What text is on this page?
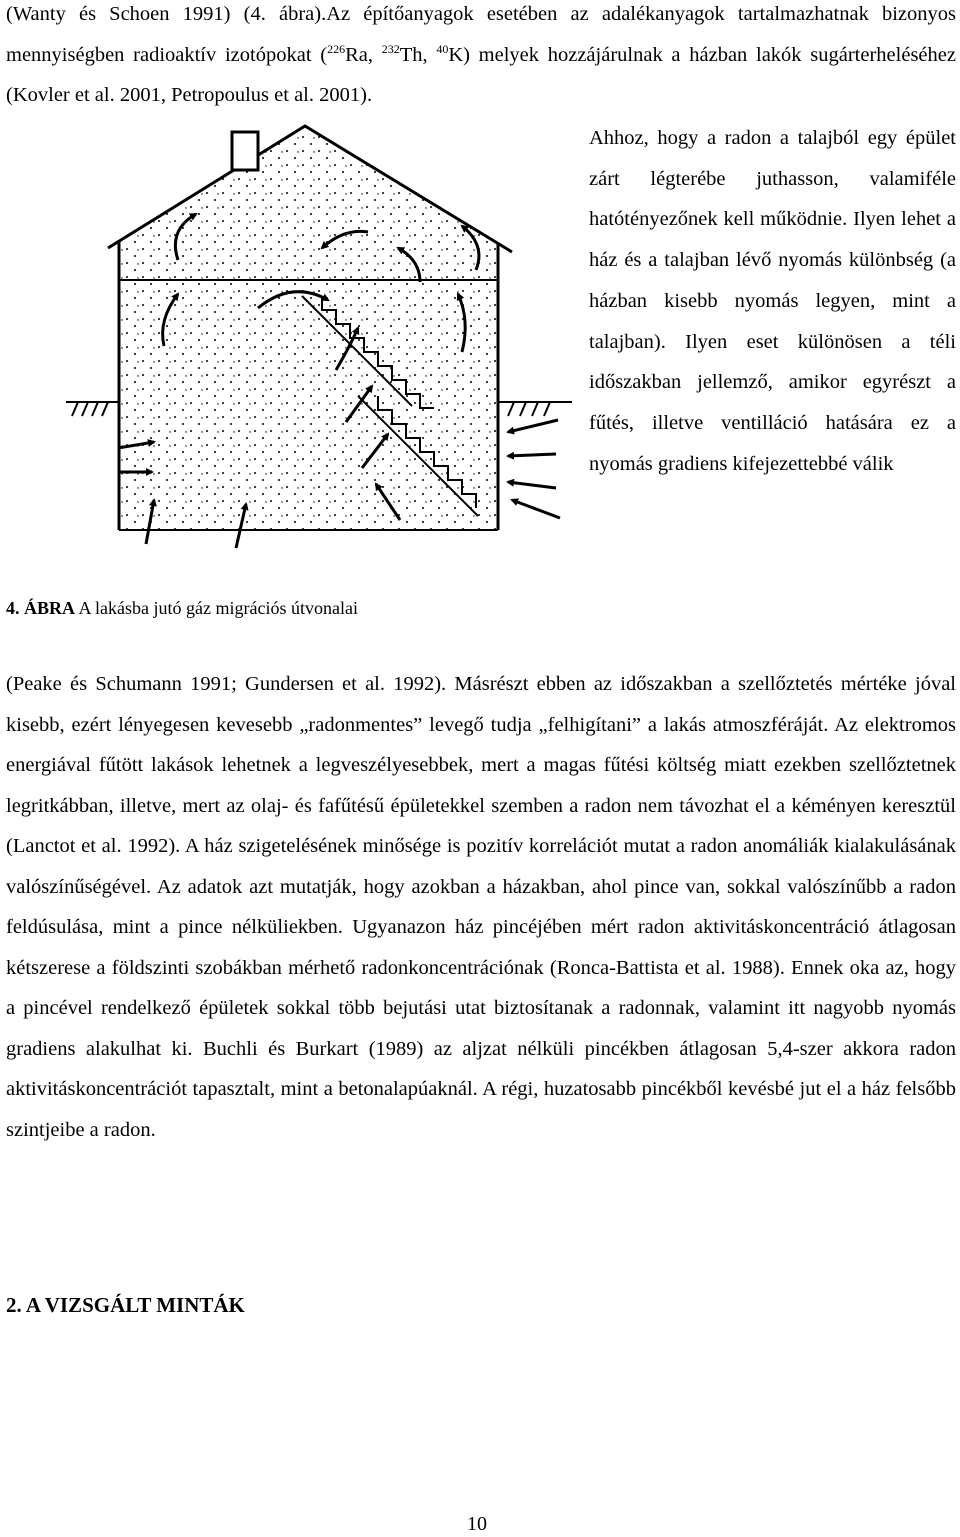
(Wanty és Schoen 1991) (4. ábra).Az építőanyagok esetében az adalékanyagok tartalmazhatnak bizonyos mennyiségben radioaktív izotópokat ($^{226}$Ra, $^{232}$Th, $^{40}$K) melyek hozzájárulnak a házban lakók sugárterheléséhez (Kovler et al. 2001, Petropoulus et al. 2001).

Ahhoz, hogy a radon a talajból egy épület zárt légterébe juthasson, valamiféle hatótényezőnek kell működnie. Ilyen lehet a ház és a talajban lévő nyomás különbség (a házban kisebb nyomás legyen, mint a talajban). Ilyen eset különösen a téli időszakban jellemző, amikor egyrészt a fűtés, illetve ventilláció hatására ez a nyomás gradiens kifejezettebbé válik

4. ÁBRA A lakásba jutó gáz migrációs útvonalai

(Peake és Schumann 1991; Gundersen et al. 1992). Másrészt ebben az időszakban a szellőztetés mértéke jóval kisebb, ezért lényegesen kevesebb „radonmentes” levegő tudja „felhigítani” a lakás atmoszféráját. Az elektromos energiával fűtött lakások lehetnek a legveszélyesebbek, mert a magas fűtési költség miatt ezekben szellőztetnek legritkábban, illetve, mert az olaj- és fafűtésű épületekkel szemben a radon nem távozhat el a kéményen keresztül (Lanctot et al. 1992). A ház szigetelésének minősége is pozitív korrelációt mutat a radon anomáliák kialakulásának valószínűségével. Az adatok azt mutatják, hogy azokban a házakban, ahol pince van, sokkal valószínűbb a radon feldúsulása, mint a pince nélküliekben. Ugyanazon ház pincéjében mért radon aktivitáskoncentráció átlagosan kétszerese a földszinti szobákban mérhető radonkoncentrációnak (Ronca-Battista et al. 1988). Ennek oka az, hogy a pincével rendelkező épületek sokkal több bejutási utat biztosítanak a radonnak, valamint itt nagyobb nyomás gradiens alakulhat ki. Buchli és Burkart (1989) az aljzat nélküli pincékben átlagosan 5,4-szer akkora radon aktivitáskoncentrációt tapasztalt, mint a betonalapúaknál. A régi, huzatosabb pincékből kevésbé jut el a ház felsőbb szintjeibe a radon.

2. A VIZSGÁLT MINTÁK

10
